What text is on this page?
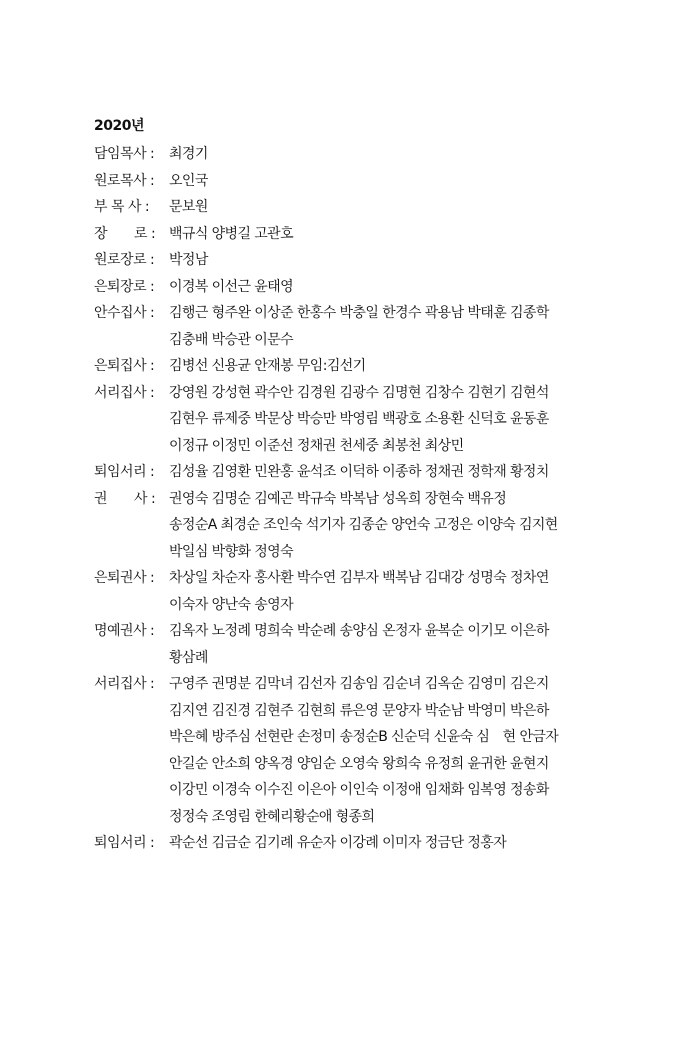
2020년
담임목사 : 최경기
원로목사 : 오인국
부 목 사 : 문보원
장　　로 : 백규식 양병길 고관호
원로장로 : 박정남
은퇴장로 : 이경복 이선근 윤태영
안수집사 : 김행근 형주완 이상준 한홍수 박충일 한경수 곽용남 박태훈 김종학
김충배 박승관 이문수
은퇴집사 : 김병선 신용균 안재봉 무임:김선기
서리집사 : 강영원 강성현 곽수안 김경원 김광수 김명현 김창수 김현기 김현석
김현우 류제중 박문상 박승만 박영림 백광호 소용환 신덕호 윤동훈
이정규 이정민 이준선 정채권 천세중 최봉천 최상민
퇴임서리 : 김성율 김영환 민완홍 윤석조 이덕하 이종하 정채권 정학재 황정치
권　　사 : 권영숙 김명순 김예곤 박규숙 박복남 성옥희 장현숙 백유정
송정순A 최경순 조인숙 석기자 김종순 양언숙 고정은 이양숙 김지현
박일심 박향화 정영숙
은퇴권사 : 차상일 차순자 홍사환 박수연 김부자 백복남 김대강 성명숙 정차연
이숙자 양난숙 송영자
명예권사 : 김옥자 노정례 명희숙 박순례 송양심 온정자 윤복순 이기모 이은하
황삼례
서리집사 : 구영주 권명분 김막녀 김선자 김송임 김순녀 김옥순 김영미 김은지
김지연 김진경 김현주 김현희 류은영 문양자 박순남 박영미 박은하
박은혜 방주심 선현란 손정미 송정순B 신순덕 신윤숙 심　현 안금자
안길순 안소희 양옥경 양임순 오영숙 왕희숙 유정희 윤귀한 윤현지
이강민 이경숙 이수진 이은아 이인숙 이정애 임채화 임복영 정송화
정정숙 조영림 한혜리황순애 형종희
퇴임서리 : 곽순선 김금순 김기례 유순자 이강례 이미자 정금단 정홍자
